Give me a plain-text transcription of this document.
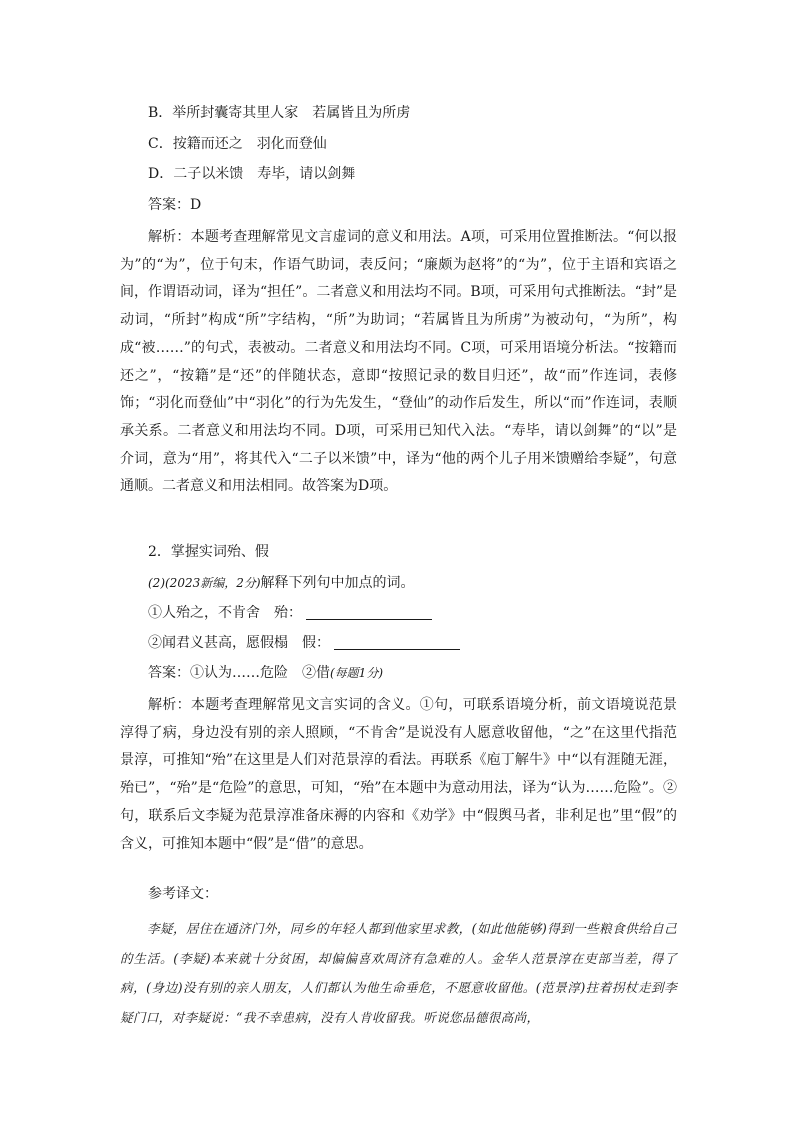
B．举所封囊寄其里人家　若属皆且为所虏
C．按籍而还之　羽化而登仙
D．二子以米馈　寿毕，请以剑舞
答案：D
解析：本题考查理解常见文言虚词的意义和用法。A项，可采用位置推断法。“何以报为”的“为”，位于句末，作语气助词，表反问；“廉颇为赵将”的“为”，位于主语和宾语之间，作谓语动词，译为“担任”。二者意义和用法均不同。B项，可采用句式推断法。“封”是动词，“所封”构成“所”字结构，“所”为助词；“若属皆且为所虏”为被动句，“为所”，构成“被……”的句式，表被动。二者意义和用法均不同。C项，可采用语境分析法。“按籍而还之”，“按籍”是“还”的伴随状态，意即“按照记录的数目归还”，故“而”作连词，表修饰；“羽化而登仙”中“羽化”的行为先发生，“登仙”的动作后发生，所以“而”作连词，表顺承关系。二者意义和用法均不同。D项，可采用已知代入法。“寿毕，请以剑舞”的“以”是介词，意为“用”，将其代入“二子以米馈”中，译为“他的两个儿子用米馈赠给李疑”，句意通顺。二者意义和用法相同。故答案为D项。
2．掌握实词殆、假
(2)(2023新编，2分)解释下列句中加点的词。
①人殆之，不肯舍　殆：
②闻君义甚高，愿假榻　假：
答案：①认为……危险　②借(每题1分)
解析：本题考查理解常见文言实词的含义。①句，可联系语境分析，前文语境说范景淳得了病，身边没有别的亲人照顾，“不肯舍”是说没有人愿意收留他，“之”在这里代指范景淳，可推知“殆”在这里是人们对范景淳的看法。再联系《庖丁解牛》中“以有涯随无涯，殆已”，“殆”是“危险”的意思，可知，“殆”在本题中为意动用法，译为“认为……危险”。②句，联系后文李疑为范景淳准备床褥的内容和《劝学》中“假舆马者，非利足也”里“假”的含义，可推知本题中“假”是“借”的意思。
参考译文：
李疑，居住在通济门外，同乡的年轻人都到他家里求教，(如此他能够)得到一些粮食供给自己的生活。(李疑)本来就十分贫困，却偏偏喜欢周济有急难的人。金华人范景淳在吏部当差，得了病，(身边)没有别的亲人朋友，人们都认为他生命垂危，不愿意收留他。(范景淳)拄着拐杖走到李疑门口，对李疑说：“我不幸患病，没有人肯收留我。听说您品德很高尚，
